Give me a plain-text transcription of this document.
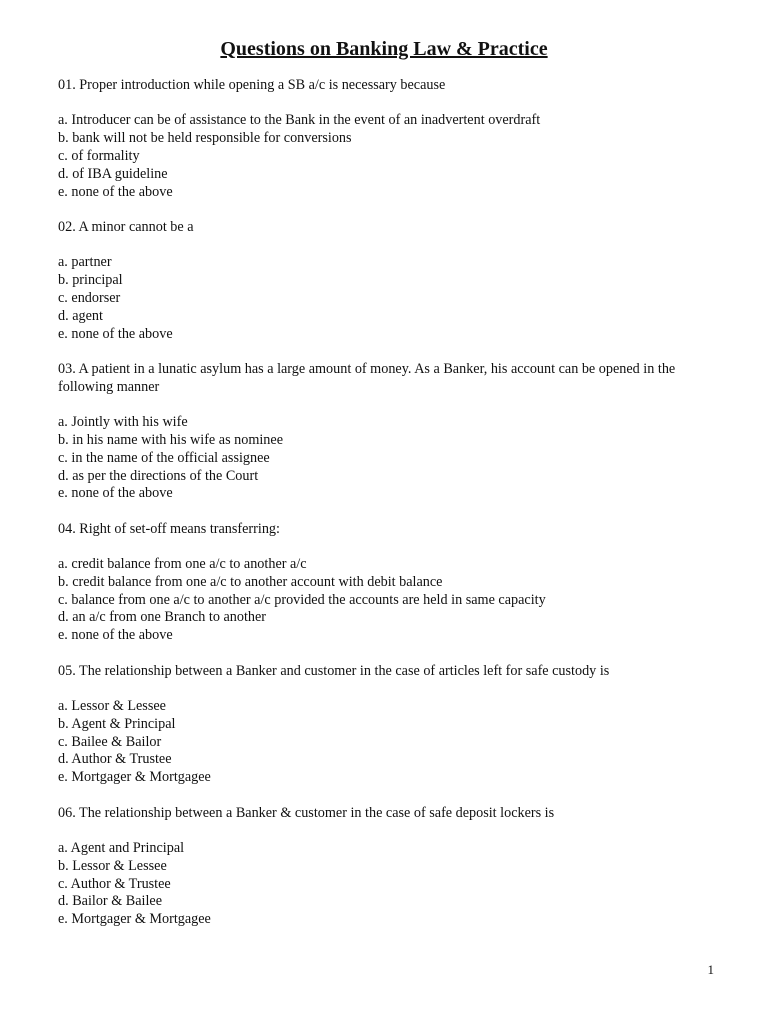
Questions on Banking Law & Practice

01. Proper introduction while opening a SB a/c is necessary because

a. Introducer can be of assistance to the Bank in the event of an inadvertent overdraft
b. bank will not be held responsible for conversions
c. of formality
d. of IBA guideline
e. none of the above

02. A minor cannot be a

a. partner
b. principal
c. endorser
d. agent
e. none of the above

03. A patient in a lunatic asylum has a large amount of money. As a Banker, his account can be opened in the following manner

a. Jointly with his wife
b. in his name with his wife as nominee
c. in the name of the official assignee
d. as per the directions of the Court
e. none of the above

04. Right of set-off means transferring:

a. credit balance from one a/c to another a/c
b. credit balance from one a/c to another account with debit balance
c. balance from one a/c to another a/c provided the accounts are held in same capacity
d. an a/c from one Branch to another
e. none of the above

05. The relationship between a Banker and customer in the case of articles left for safe custody is

a. Lessor & Lessee
b. Agent & Principal
c. Bailee & Bailor
d. Author & Trustee
e. Mortgager & Mortgagee

06. The relationship between a Banker & customer in the case of safe deposit lockers is

a. Agent and Principal
b. Lessor & Lessee
c. Author & Trustee
d. Bailor & Bailee
e. Mortgager & Mortgagee
1
